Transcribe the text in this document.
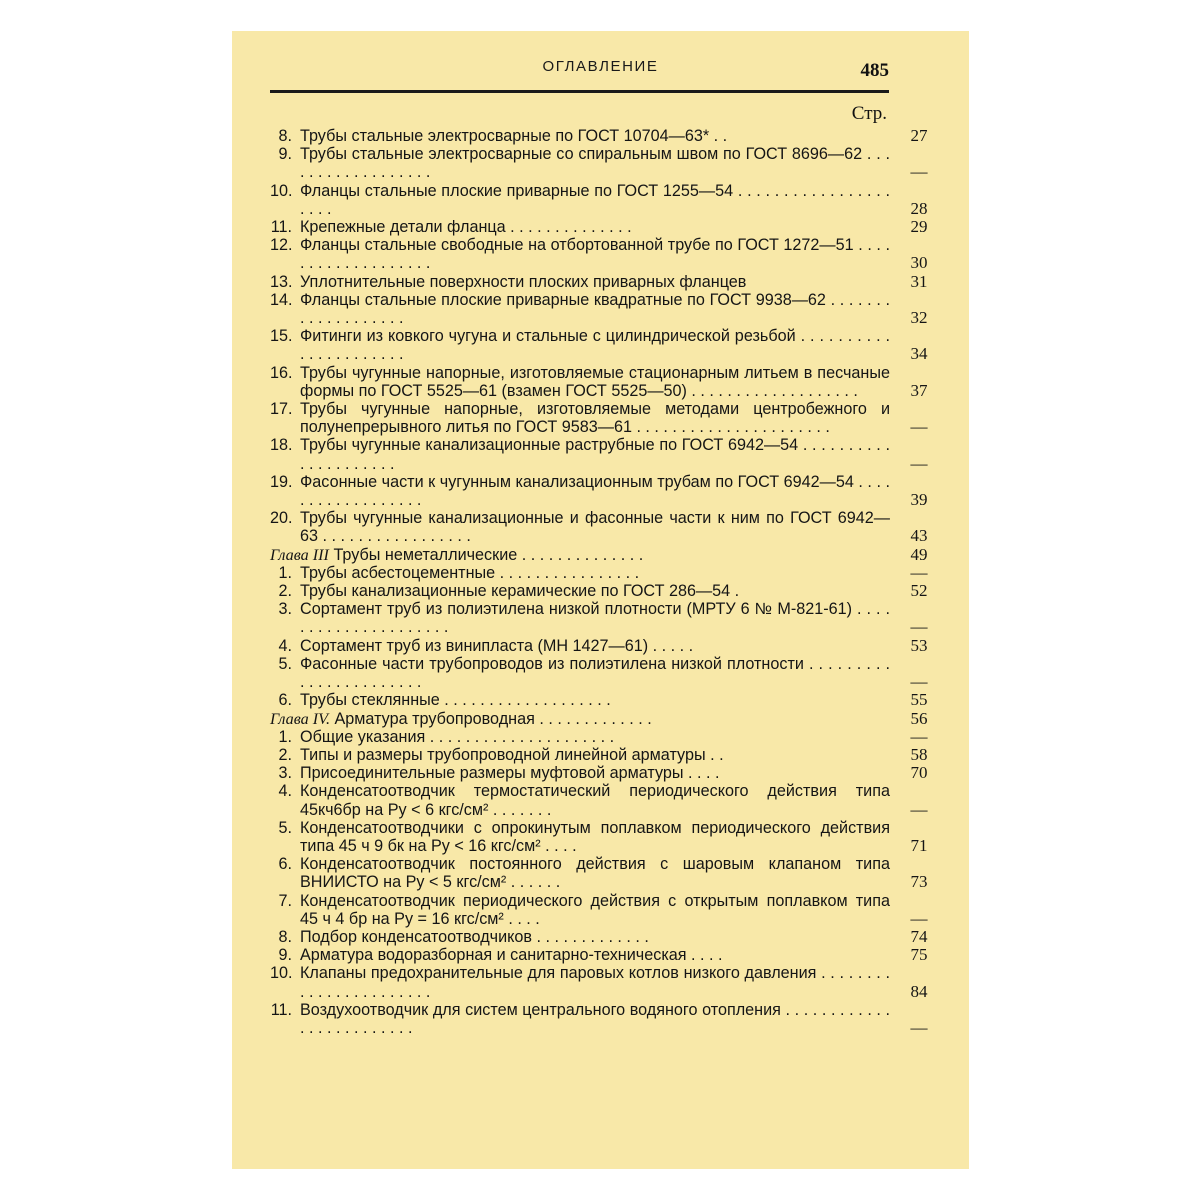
ОГЛАВЛЕНИЕ	485
Стр.
8. Трубы стальные электросварные по ГОСТ 10704—63* . .	27
9. Трубы стальные электросварные со спиральным швом по ГОСТ 8696—62 . . . . . . . . . . . . . . . . . .	—
10. Фланцы стальные плоские приварные по ГОСТ 1255—54 . . . . . . . . . . . . . . . . . . . . .	28
11. Крепежные детали фланца . . . . . . . . . . . . . .	29
12. Фланцы стальные свободные на отбортованной трубе по ГОСТ 1272—51 . . . . . . . . . . . . . . . . . . .	30
13. Уплотнительные поверхности плоских приварных фланцев	31
14. Фланцы стальные плоские приварные квадратные по ГОСТ 9938—62 . . . . . . . . . . . . . . . . . . .	32
15. Фитинги из ковкого чугуна и стальные с цилиндрической резьбой . . . . . . . . . . . . . . . . . . . . . .	34
16. Трубы чугунные напорные, изготовляемые стационарным литьем в песчаные формы по ГОСТ 5525—61 (взамен ГОСТ 5525—50) . . . . . . . . . . . . . . . . . . .	37
17. Трубы чугунные напорные, изготовляемые методами центробежного и полунепрерывного литья по ГОСТ 9583—61 . . . . . . . . . . . . . . . . . . . . . .	—
18. Трубы чугунные канализационные раструбные по ГОСТ 6942—54 . . . . . . . . . . . . . . . . . . . . .	—
19. Фасонные части к чугунным канализационным трубам по ГОСТ 6942—54 . . . . . . . . . . . . . . . . . .	39
20. Трубы чугунные канализационные и фасонные части к ним по ГОСТ 6942—63 . . . . . . . . . . . . . . . . .	43
Глава III Трубы неметаллические . . . . . . . . . . . . . .	49
1. Трубы асбестоцементные . . . . . . . . . . . . . . . .	—
2. Трубы канализационные керамические по ГОСТ 286—54 .	52
3. Сортамент труб из полиэтилена низкой плотности (МРТУ 6 № М-821-61) . . . . . . . . . . . . . . . . . . . . .	—
4. Сортамент труб из винипласта (МН 1427—61) . . . . .	53
5. Фасонные части трубопроводов из полиэтилена низкой плотности . . . . . . . . . . . . . . . . . . . . . . .	—
6. Трубы стеклянные . . . . . . . . . . . . . . . . . . .	55
Глава IV. Арматура трубопроводная . . . . . . . . . . . . .	56
1. Общие указания . . . . . . . . . . . . . . . . . . . . .	—
2. Типы и размеры трубопроводной линейной арматуры . .	58
3. Присоединительные размеры муфтовой арматуры . . . .	70
4. Конденсатоотводчик термостатический периодического действия типа 45кч6бр на Pу < 6 кгс/см² . . . . . . .	—
5. Конденсатоотводчики с опрокинутым поплавком периодического действия типа 45 ч 9 бк на Pу < 16 кгс/см² . . . .	71
6. Конденсатоотводчик постоянного действия с шаровым клапаном типа ВНИИСТО на Pу < 5 кгс/см² . . . . . .	73
7. Конденсатоотводчик периодического действия с открытым поплавком типа 45 ч 4 бр на Pу = 16 кгс/см² . . . .	—
8. Подбор конденсатоотводчиков . . . . . . . . . . . . .	74
9. Арматура водоразборная и санитарно-техническая . . . .	75
10. Клапаны предохранительные для паровых котлов низкого давления . . . . . . . . . . . . . . . . . . . . . . .	84
11. Воздухоотводчик для систем центрального водяного отопления . . . . . . . . . . . . . . . . . . . . . . . . .	—
